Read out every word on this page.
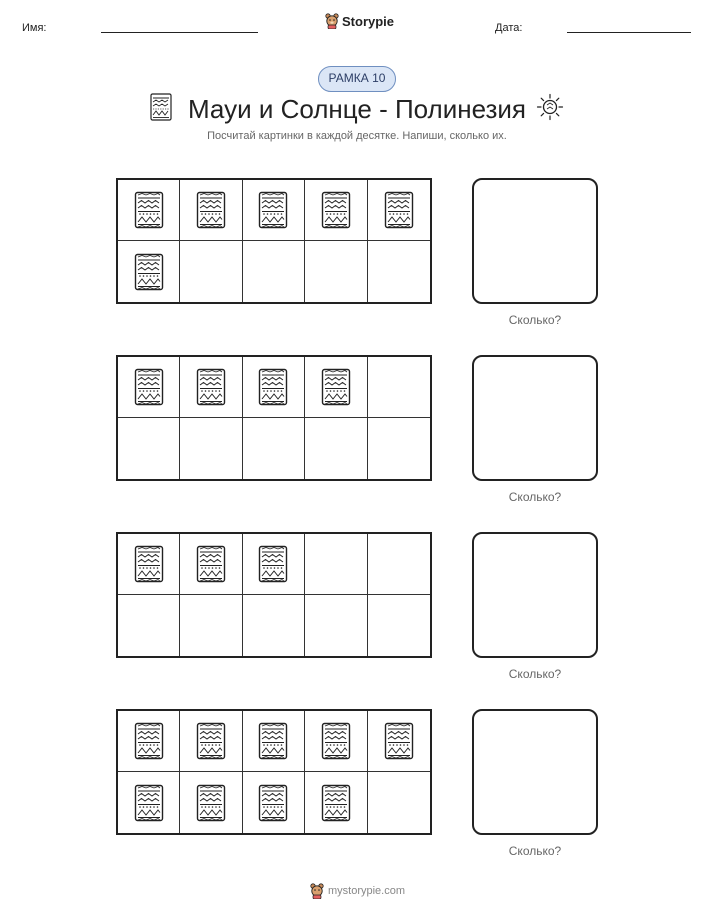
Имя:	Storypie	Дата:
РАМКА 10
Мауи и Солнце - Полинезия
Посчитай картинки в каждой десятке. Напиши, сколько их.
Сколько?
Сколько?
Сколько?
Сколько?
mystorypie.com
